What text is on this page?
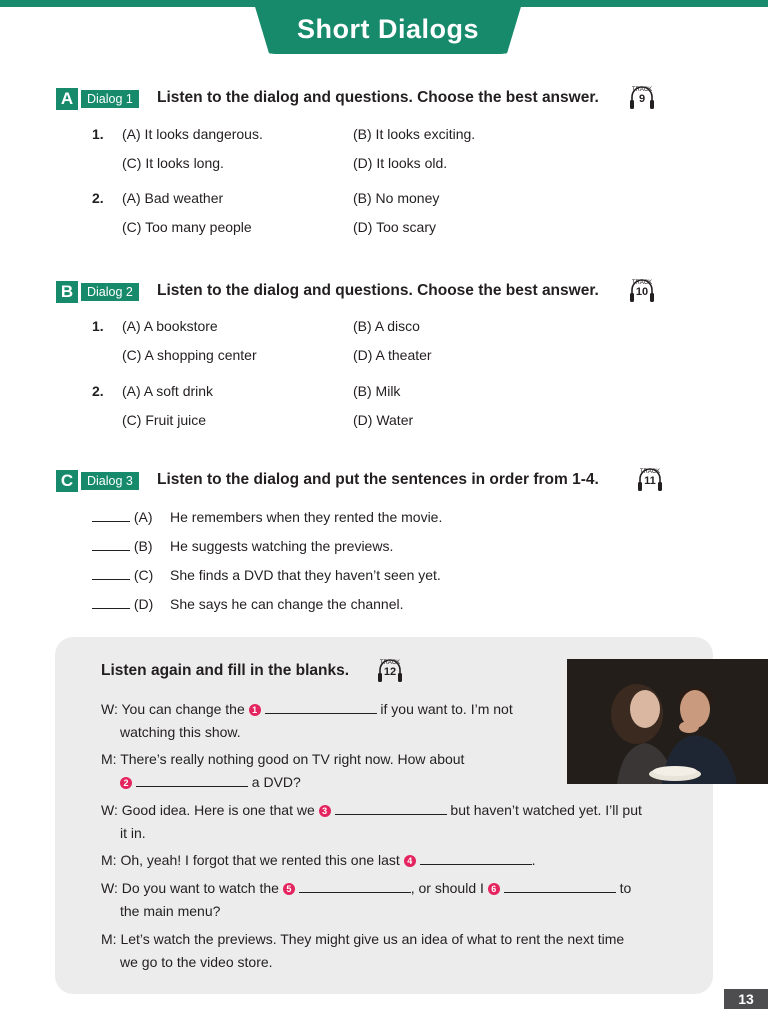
Short Dialogs
A	Dialog 1	Listen to the dialog and questions. Choose the best answer.	TRACK
9
1. (A) It looks dangerous.	(B) It looks exciting.
(C) It looks long.	(D) It looks old.
2. (A) Bad weather	(B) No money
(C) Too many people	(D) Too scary
B	Dialog 2	Listen to the dialog and questions. Choose the best answer.	TRACK
10
1. (A) A bookstore	(B) A disco
(C) A shopping center	(D) A theater
2. (A) A soft drink	(B) Milk
(C) Fruit juice	(D) Water
C	Dialog 3	Listen to the dialog and put the sentences in order from 1-4.	TRACK
11
(A) He remembers when they rented the movie.
(B) He suggests watching the previews.
(C) She finds a DVD that they haven’t seen yet.
(D) She says he can change the channel.
Listen again and fill in the blanks.	TRACK
12
W: You can change the 1	if you want to. I’m not
watching this show.
M: There’s really nothing good on TV right now. How about
2	a DVD?
W: Good idea. Here is one that we 3	but haven’t watched yet. I’ll put
it in.
M: Oh, yeah! I forgot that we rented this one last 4	.
W: Do you want to watch the 5	, or should I 6	to
the main menu?
M: Let’s watch the previews. They might give us an idea of what to rent the next time
we go to the video store.
13
